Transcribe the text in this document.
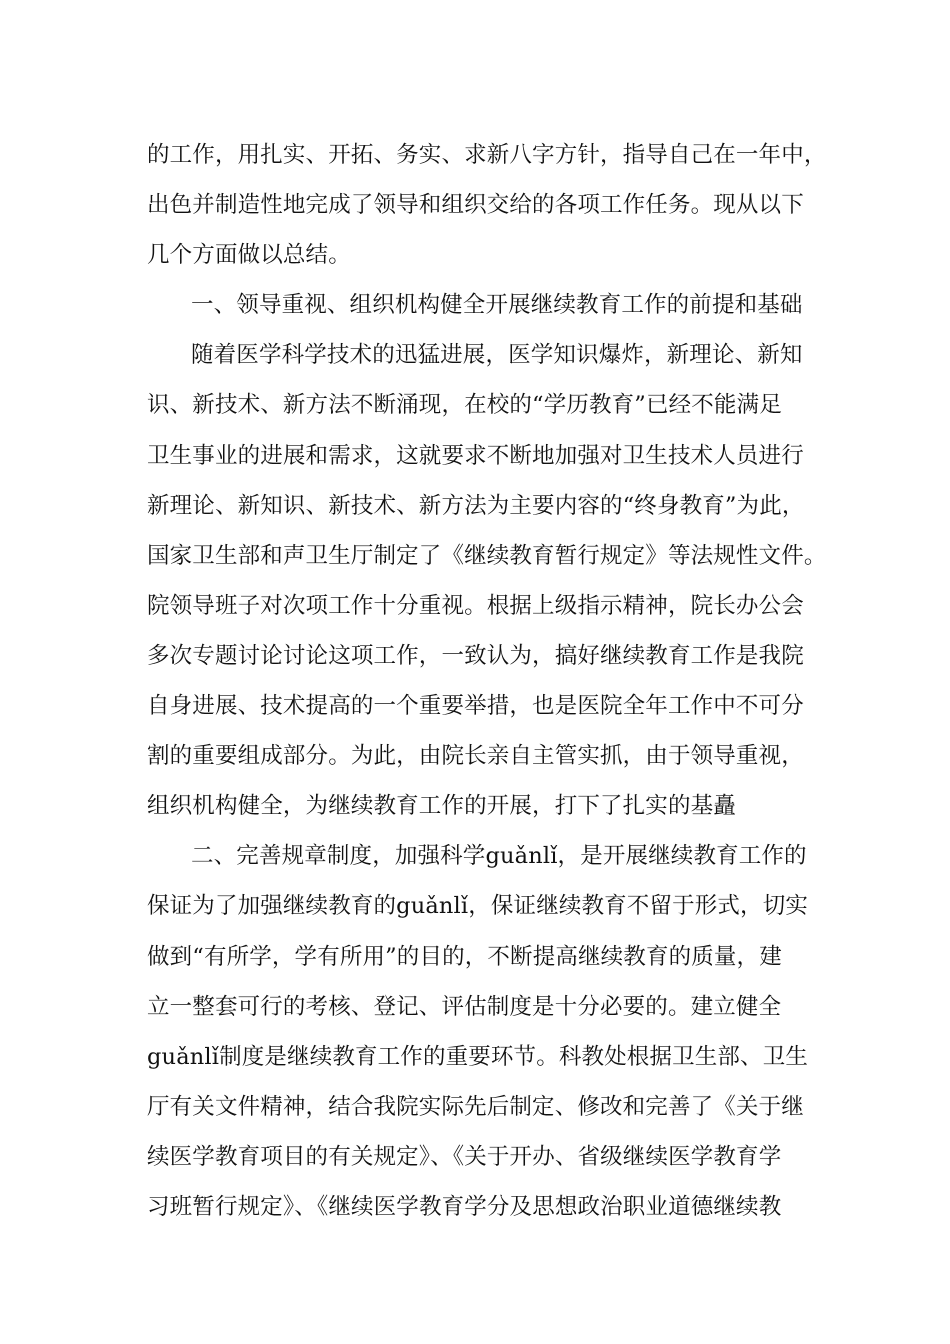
的工作，用扎实、开拓、务实、求新八字方针，指导自己在一年中，
出色并制造性地完成了领导和组织交给的各项工作任务。现从以下
几个方面做以总结。
一、领导重视、组织机构健全开展继续教育工作的前提和基础
随着医学科学技术的迅猛进展，医学知识爆炸，新理论、新知
识、新技术、新方法不断涌现，在校的“学历教育”已经不能满足
卫生事业的进展和需求，这就要求不断地加强对卫生技术人员进行
新理论、新知识、新技术、新方法为主要内容的“终身教育”为此，
国家卫生部和声卫生厅制定了《继续教育暂行规定》等法规性文件。
院领导班子对次项工作十分重视。根据上级指示精神，院长办公会
多次专题讨论讨论这项工作，一致认为，搞好继续教育工作是我院
自身进展、技术提高的一个重要举措，也是医院全年工作中不可分
割的重要组成部分。为此，由院长亲自主管实抓，由于领导重视，
组织机构健全，为继续教育工作的开展，打下了扎实的基矗
二、完善规章制度，加强科学guǎnlǐ，是开展继续教育工作的
保证为了加强继续教育的guǎnlǐ，保证继续教育不留于形式，切实
做到“有所学，学有所用”的目的，不断提高继续教育的质量，建
立一整套可行的考核、登记、评估制度是十分必要的。建立健全
guǎnlǐ制度是继续教育工作的重要环节。科教处根据卫生部、卫生
厅有关文件精神，结合我院实际先后制定、修改和完善了《关于继
续医学教育项目的有关规定》、《关于开办、省级继续医学教育学
习班暂行规定》、《继续医学教育学分及思想政治职业道德继续教
